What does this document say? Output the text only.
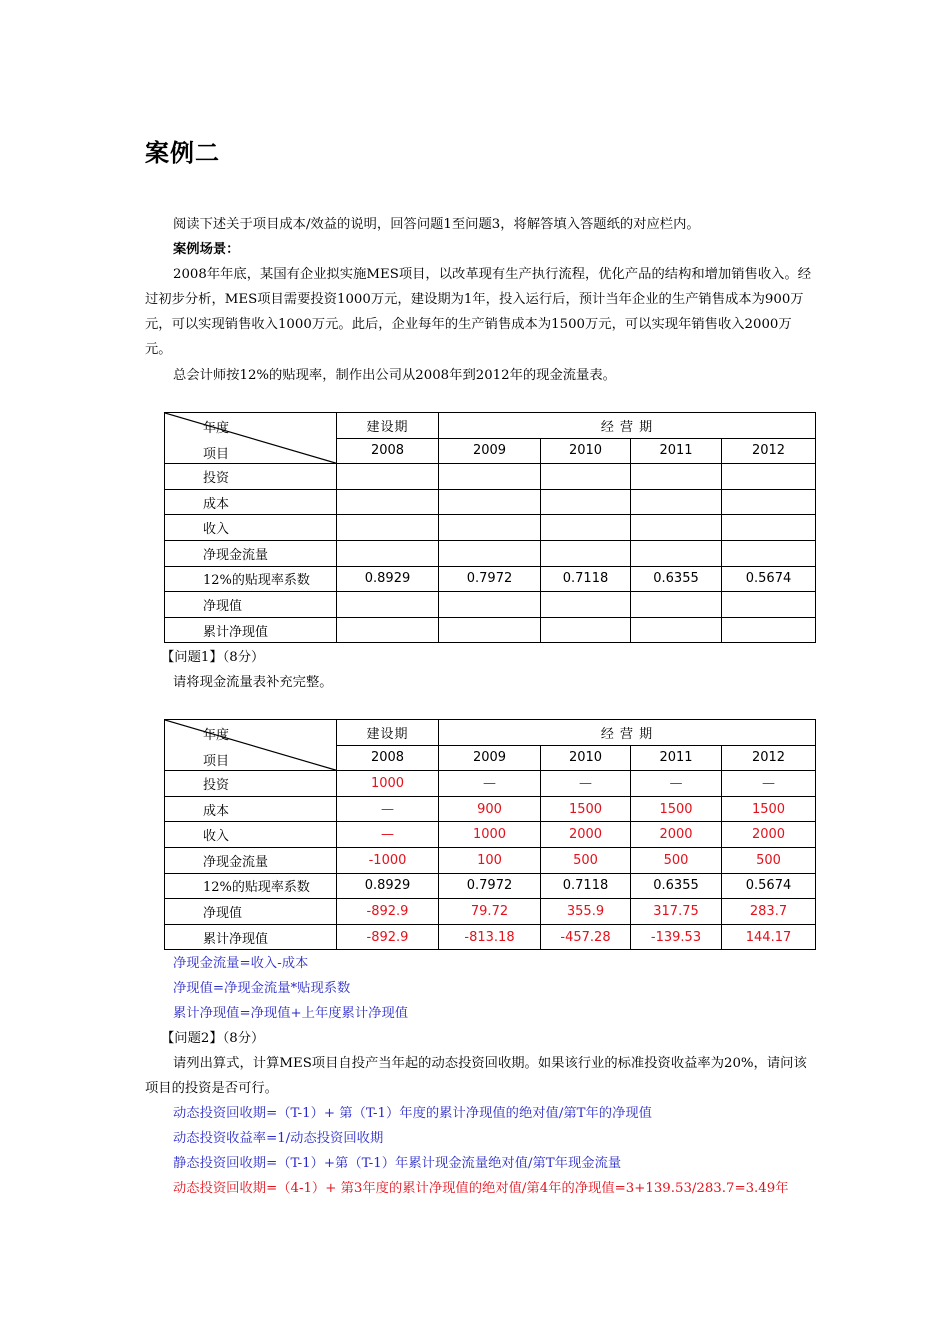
案例二
阅读下述关于项目成本/效益的说明，回答问题1至问题3，将解答填入答题纸的对应栏内。
案例场景：
2008年年底，某国有企业拟实施MES项目，以改革现有生产执行流程，优化产品的结构和增加销售收入。经过初步分析，MES项目需要投资1000万元，建设期为1年，投入运行后，预计当年企业的生产销售成本为900万元，可以实现销售收入1000万元。此后，企业每年的生产销售成本为1500万元，可以实现年销售收入2000万元。
总会计师按12%的贴现率，制作出公司从2008年到2012年的现金流量表。
年度
项目	建设期	经 营 期			
	2008	2009	2010	2011	2012
投资					
成本					
收入					
净现金流量					
12%的贴现率系数	0.8929	0.7972	0.7118	0.6355	0.5674
净现值					
累计净现值					
【问题1】（8分）
请将现金流量表补充完整。
年度
项目	建设期	经 营 期			
	2008	2009	2010	2011	2012
投资	1000	—	—	—	—
成本	—	900	1500	1500	1500
收入	—	1000	2000	2000	2000
净现金流量	-1000	100	500	500	500
12%的贴现率系数	0.8929	0.7972	0.7118	0.6355	0.5674
净现值	-892.9	79.72	355.9	317.75	283.7
累计净现值	-892.9	-813.18	-457.28	-139.53	144.17
净现金流量=收入-成本
净现值=净现金流量*贴现系数
累计净现值=净现值+上年度累计净现值
【问题2】（8分）
请列出算式，计算MES项目自投产当年起的动态投资回收期。如果该行业的标准投资收益率为20%，请问该项目的投资是否可行。
动态投资回收期=（T-1）+ 第（T-1）年度的累计净现值的绝对值/第T年的净现值
动态投资收益率=1/动态投资回收期
静态投资回收期=（T-1）+第（T-1）年累计现金流量绝对值/第T年现金流量
动态投资回收期=（4-1）+ 第3年度的累计净现值的绝对值/第4年的净现值=3+139.53/283.7=3.49年
